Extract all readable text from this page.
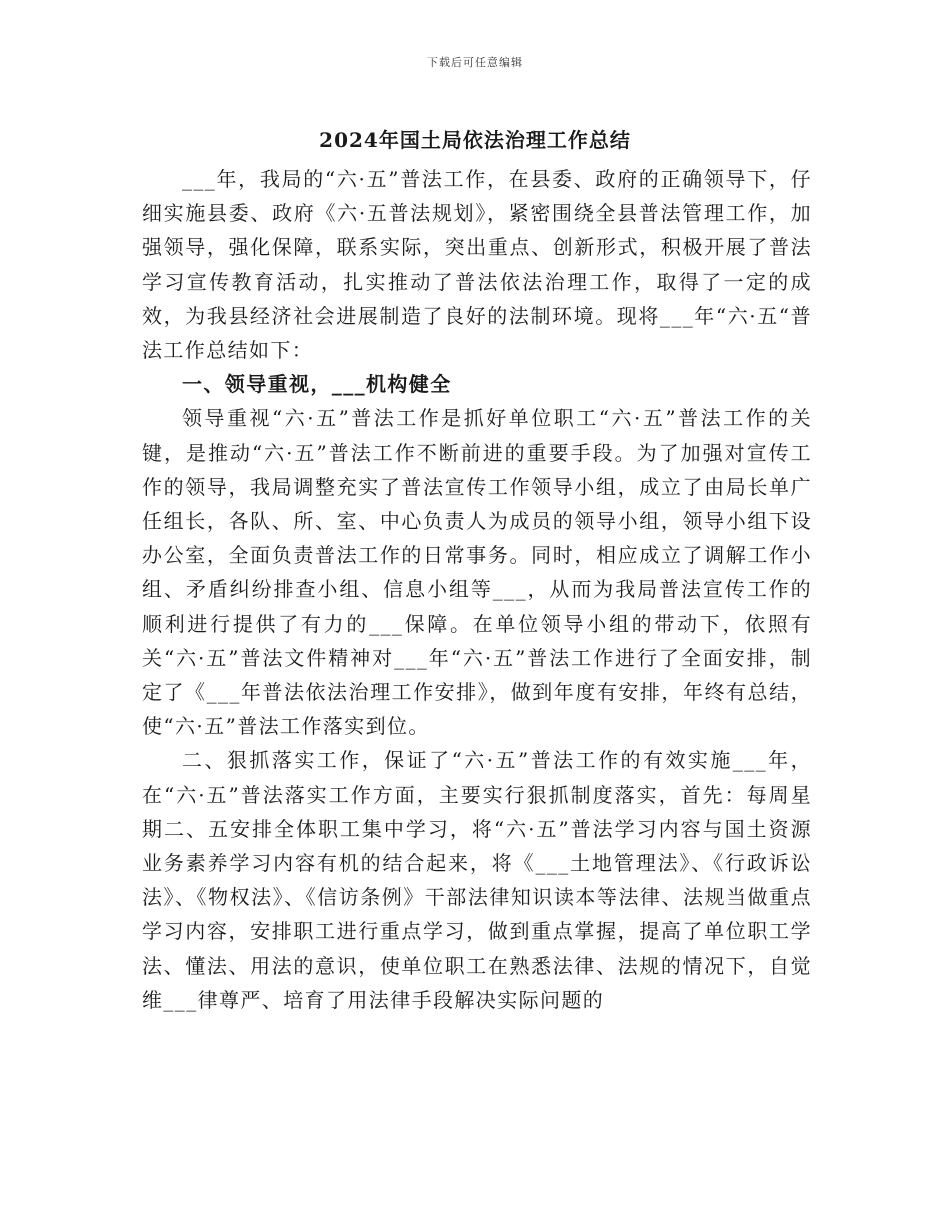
下载后可任意编辑
2024年国土局依法治理工作总结

___年，我局的“六·五”普法工作，在县委、政府的正确领导下，仔细实施县委、政府《六·五普法规划》，紧密围绕全县普法管理工作，加强领导，强化保障，联系实际，突出重点、创新形式，积极开展了普法学习宣传教育活动，扎实推动了普法依法治理工作，取得了一定的成效，为我县经济社会进展制造了良好的法制环境。现将___年“六·五“普法工作总结如下：

一、领导重视，___机构健全

领导重视“六·五”普法工作是抓好单位职工“六·五”普法工作的关键，是推动“六·五”普法工作不断前进的重要手段。为了加强对宣传工作的领导，我局调整充实了普法宣传工作领导小组，成立了由局长单广任组长，各队、所、室、中心负责人为成员的领导小组，领导小组下设办公室，全面负责普法工作的日常事务。同时，相应成立了调解工作小组、矛盾纠纷排查小组、信息小组等___，从而为我局普法宣传工作的顺利进行提供了有力的___保障。在单位领导小组的带动下，依照有关“六·五”普法文件精神对___年“六·五”普法工作进行了全面安排，制定了《___年普法依法治理工作安排》，做到年度有安排，年终有总结，使“六·五”普法工作落实到位。

二、狠抓落实工作，保证了“六·五”普法工作的有效实施___年，在“六·五”普法落实工作方面，主要实行狠抓制度落实，首先：每周星期二、五安排全体职工集中学习，将“六·五”普法学习内容与国土资源业务素养学习内容有机的结合起来，将《___土地管理法》、《行政诉讼法》、《物权法》、《信访条例》干部法律知识读本等法律、法规当做重点学习内容，安排职工进行重点学习，做到重点掌握，提高了单位职工学法、懂法、用法的意识，使单位职工在熟悉法律、法规的情况下，自觉维___律尊严、培育了用法律手段解决实际问题的
